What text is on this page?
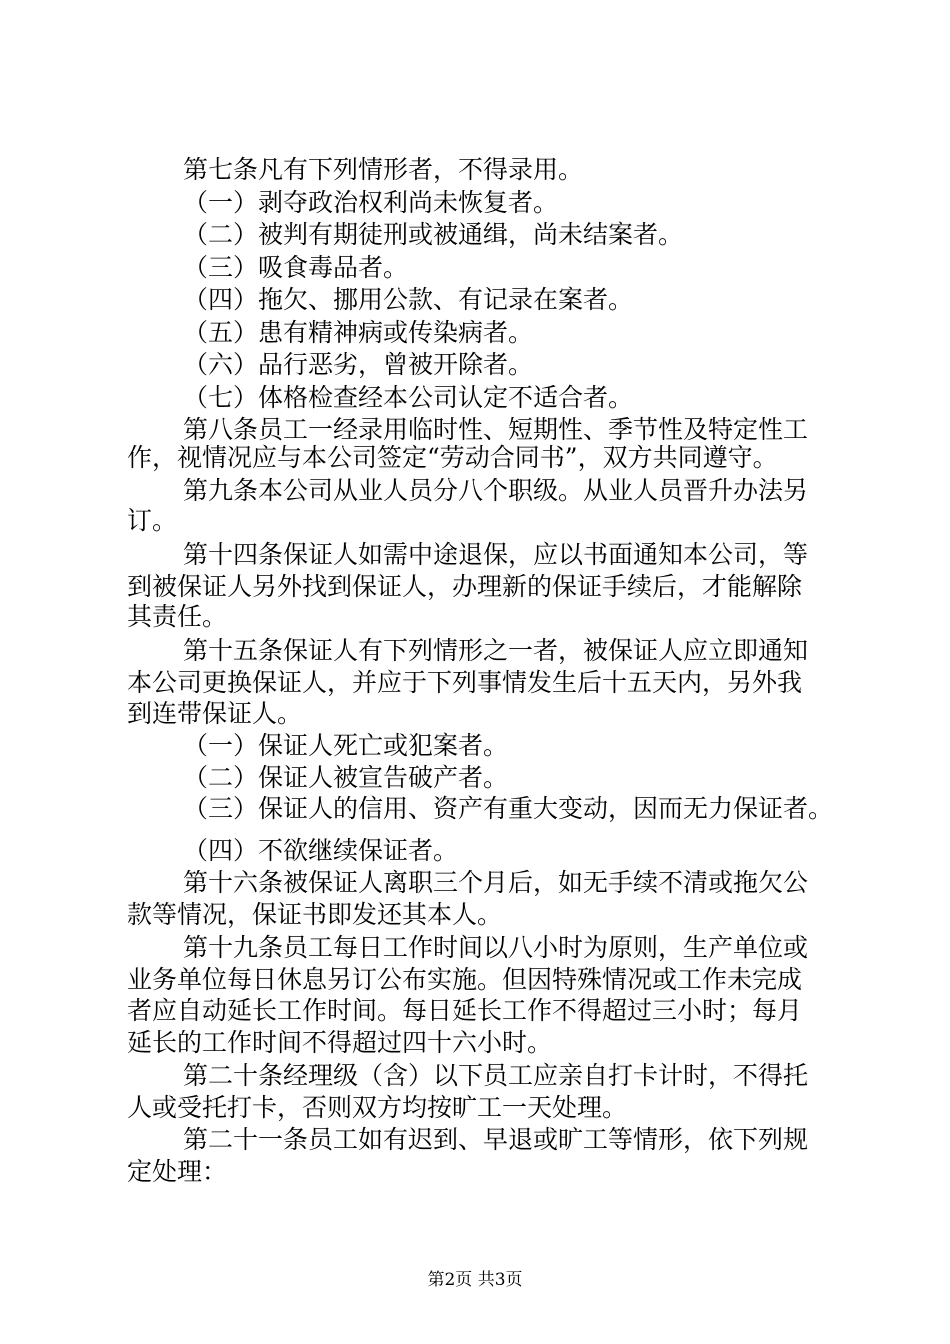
第七条凡有下列情形者，不得录用。
（一）剥夺政治权利尚未恢复者。
（二）被判有期徒刑或被通缉，尚未结案者。
（三）吸食毒品者。
（四）拖欠、挪用公款、有记录在案者。
（五）患有精神病或传染病者。
（六）品行恶劣，曾被开除者。
（七）体格检查经本公司认定不适合者。
第八条员工一经录用临时性、短期性、季节性及特定性工
作，视情况应与本公司签定“劳动合同书”，双方共同遵守。
第九条本公司从业人员分八个职级。从业人员晋升办法另
订。
第十四条保证人如需中途退保，应以书面通知本公司，等
到被保证人另外找到保证人，办理新的保证手续后，才能解除
其责任。
第十五条保证人有下列情形之一者，被保证人应立即通知
本公司更换保证人，并应于下列事情发生后十五天内，另外我
到连带保证人。
（一）保证人死亡或犯案者。
（二）保证人被宣告破产者。
（三）保证人的信用、资产有重大变动，因而无力保证者。
（四）不欲继续保证者。
第十六条被保证人离职三个月后，如无手续不清或拖欠公
款等情况，保证书即发还其本人。
第十九条员工每日工作时间以八小时为原则，生产单位或
业务单位每日休息另订公布实施。但因特殊情况或工作未完成
者应自动延长工作时间。每日延长工作不得超过三小时；每月
延长的工作时间不得超过四十六小时。
第二十条经理级（含）以下员工应亲自打卡计时，不得托
人或受托打卡，否则双方均按旷工一天处理。
第二十一条员工如有迟到、早退或旷工等情形，依下列规
定处理：
第2页 共3页
